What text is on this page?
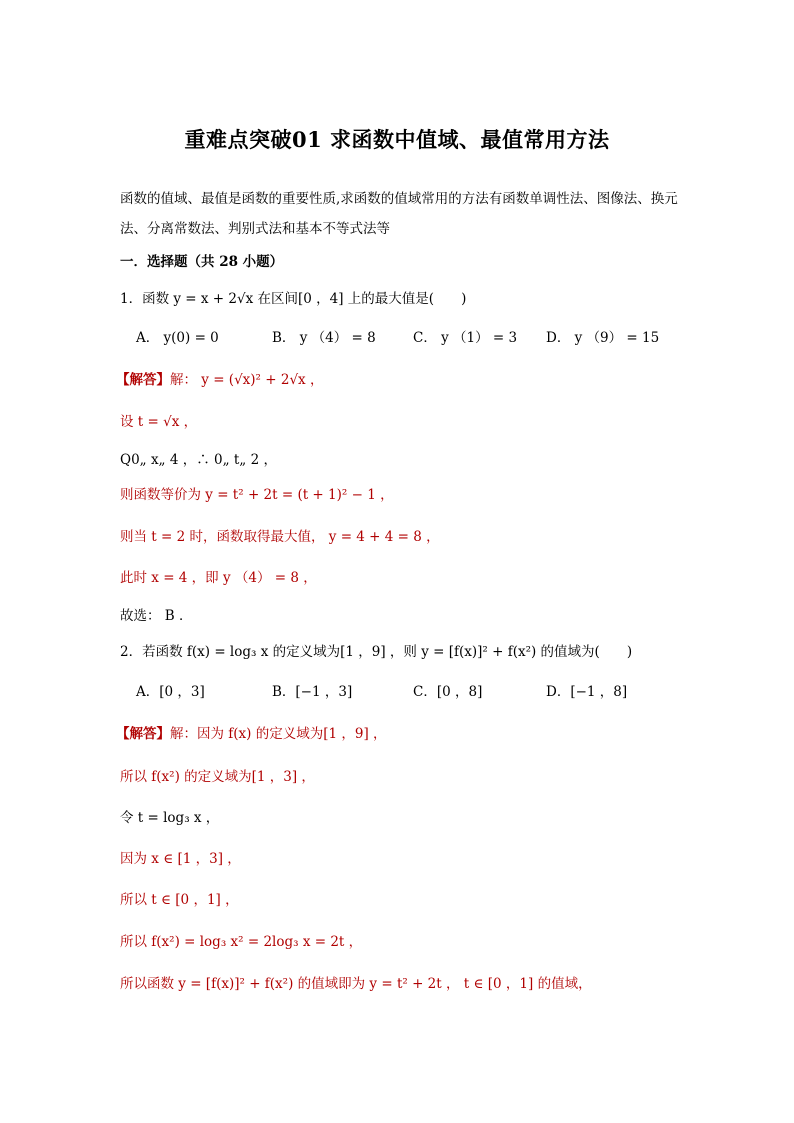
重难点突破01 求函数中值域、最值常用方法
函数的值域、最值是函数的重要性质,求函数的值域常用的方法有函数单调性法、图像法、换元法、分离常数法、判别式法和基本不等式法等
一．选择题（共 28 小题）
1．函数 y = x + 2√x 在区间[0 ，4] 上的最大值是(　　)
A． y(0) = 0	B． y （4） = 8	C． y （1） = 3 D． y （9） = 15
【解答】解： y = (√x)² + 2√x ，
设 t = √x ，
Q0„ x„ 4 ，∴ 0„ t„ 2 ，
则函数等价为 y = t² + 2t = (t + 1)² − 1 ，
则当 t = 2 时，函数取得最大值， y = 4 + 4 = 8 ，
此时 x = 4 ，即 y （4） = 8 ，
故选： B ．
2．若函数 f(x) = log₃ x 的定义域为[1 ，9] ，则 y = [f(x)]² + f(x²) 的值域为(　　)
A．[0 ，3]	B．[−1 ，3]	C．[0 ，8]	D．[−1 ，8]
【解答】解：因为 f(x) 的定义域为[1 ，9] ，
所以 f(x²) 的定义域为[1 ，3] ，
令 t = log₃ x ，
因为 x ∈ [1 ，3] ，
所以 t ∈ [0 ，1] ，
所以 f(x²) = log₃ x² = 2log₃ x = 2t ，
所以函数 y = [f(x)]² + f(x²) 的值域即为 y = t² + 2t ， t ∈ [0 ，1] 的值域，
